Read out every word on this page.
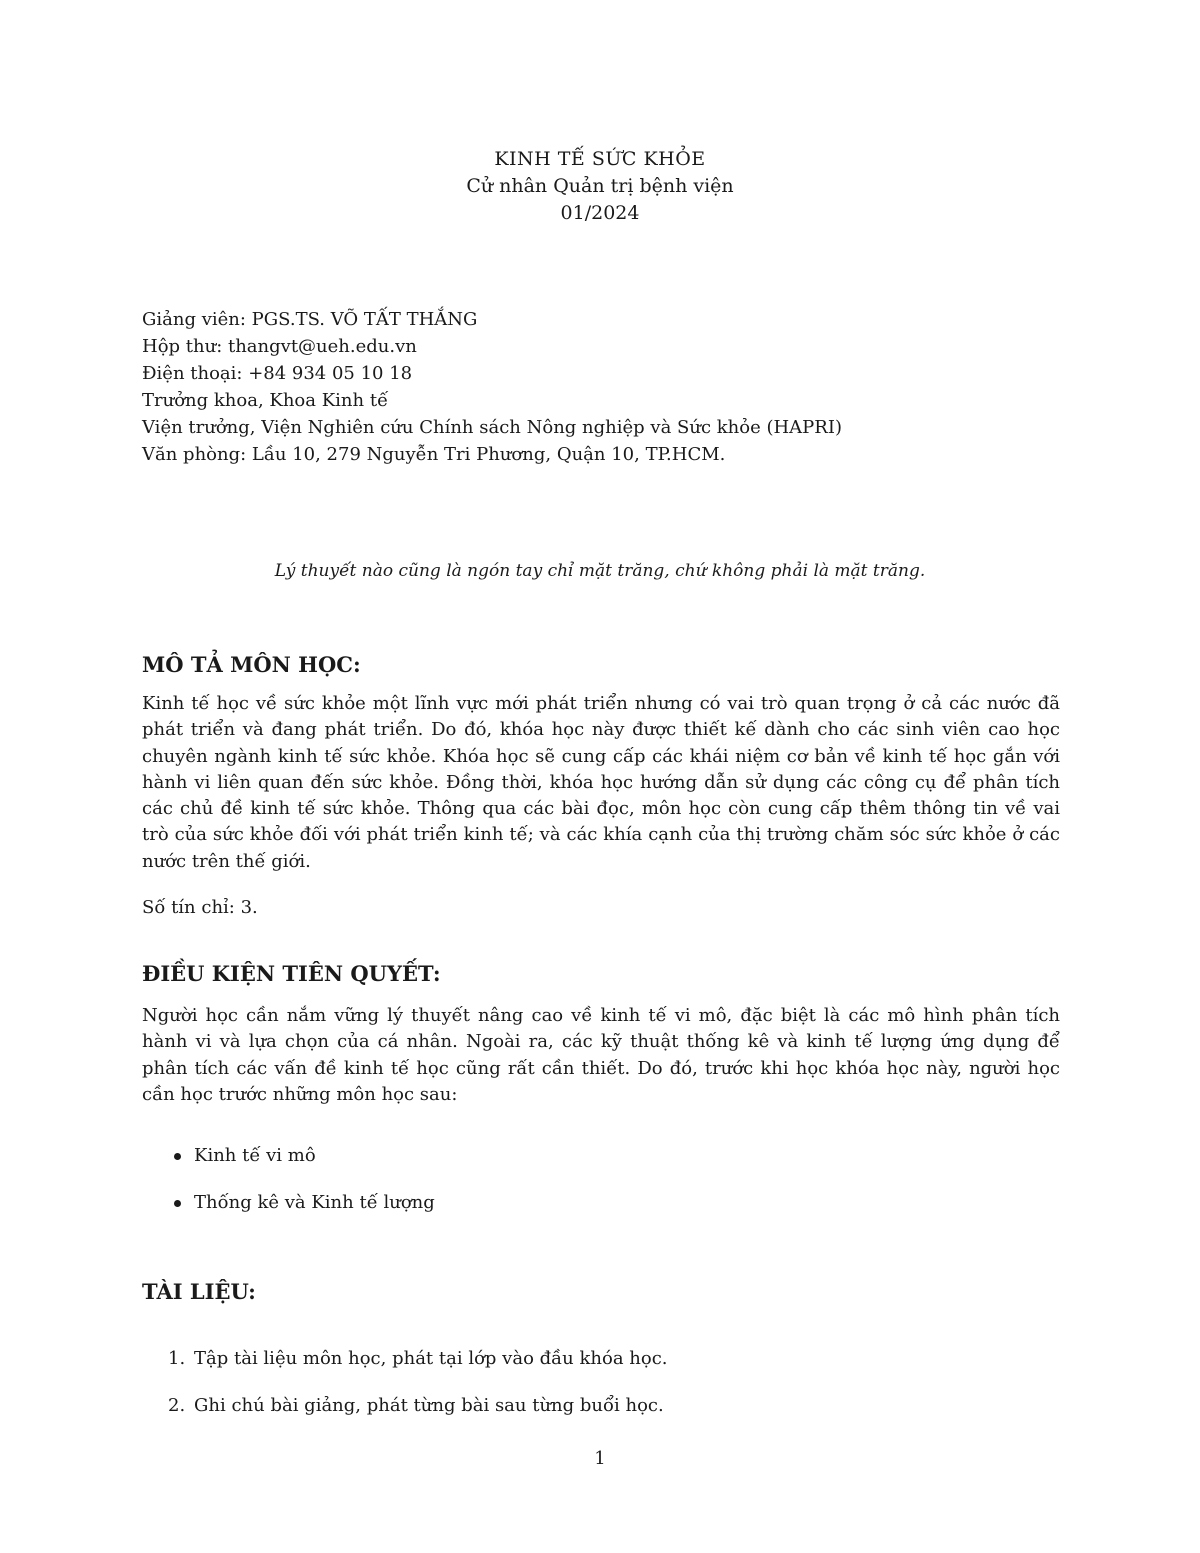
KINH TẾ SỨC KHỎE
Cử nhân Quản trị bệnh viện
01/2024
Giảng viên: PGS.TS. VÕ TẤT THẮNG
Hộp thư: thangvt@ueh.edu.vn
Điện thoại: +84 934 05 10 18
Trưởng khoa, Khoa Kinh tế
Viện trưởng, Viện Nghiên cứu Chính sách Nông nghiệp và Sức khỏe (HAPRI)
Văn phòng: Lầu 10, 279 Nguyễn Tri Phương, Quận 10, TP.HCM.
Lý thuyết nào cũng là ngón tay chỉ mặt trăng, chứ không phải là mặt trăng.
MÔ TẢ MÔN HỌC:

Kinh tế học về sức khỏe một lĩnh vực mới phát triển nhưng có vai trò quan trọng ở cả các nước đã phát triển và đang phát triển. Do đó, khóa học này được thiết kế dành cho các sinh viên cao học chuyên ngành kinh tế sức khỏe. Khóa học sẽ cung cấp các khái niệm cơ bản về kinh tế học gắn với hành vi liên quan đến sức khỏe. Đồng thời, khóa học hướng dẫn sử dụng các công cụ để phân tích các chủ đề kinh tế sức khỏe. Thông qua các bài đọc, môn học còn cung cấp thêm thông tin về vai trò của sức khỏe đối với phát triển kinh tế; và các khía cạnh của thị trường chăm sóc sức khỏe ở các nước trên thế giới.

Số tín chỉ: 3.

ĐIỀU KIỆN TIÊN QUYẾT:

Người học cần nắm vững lý thuyết nâng cao về kinh tế vi mô, đặc biệt là các mô hình phân tích hành vi và lựa chọn của cá nhân. Ngoài ra, các kỹ thuật thống kê và kinh tế lượng ứng dụng để phân tích các vấn đề kinh tế học cũng rất cần thiết. Do đó, trước khi học khóa học này, người học cần học trước những môn học sau:

Kinh tế vi mô
Thống kê và Kinh tế lượng
TÀI LIỆU:
1. Tập tài liệu môn học, phát tại lớp vào đầu khóa học.
2. Ghi chú bài giảng, phát từng bài sau từng buổi học.
1
